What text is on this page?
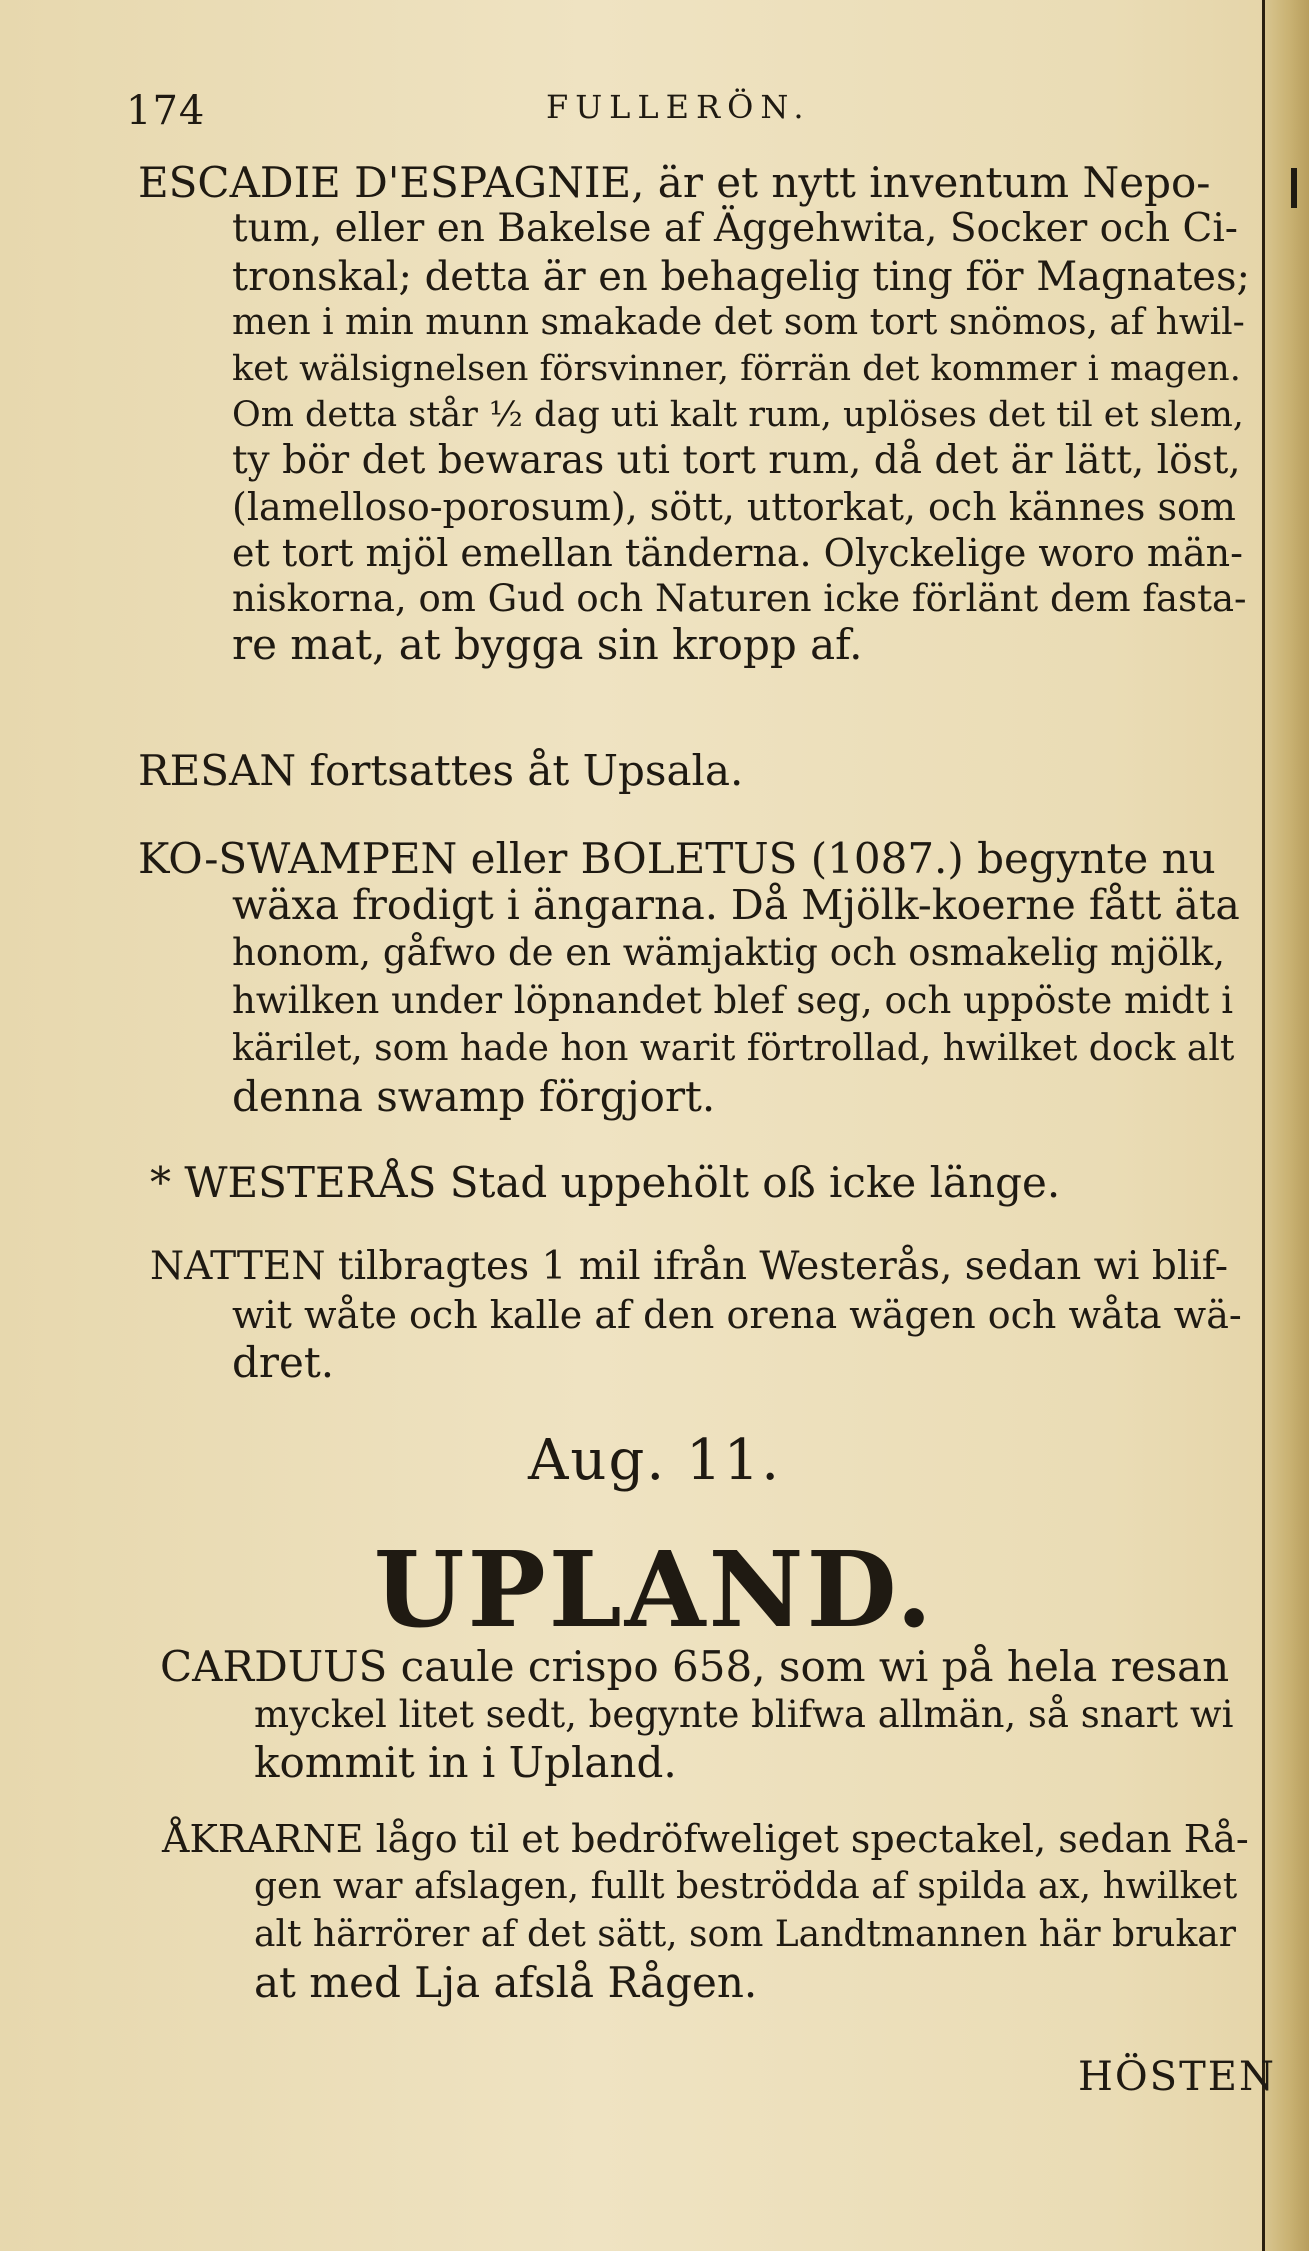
174	FULLERÖN.
ESCADIE D'ESPAGNIE, är et nytt inventum Nepo-
tum, eller en Bakelse af Äggehwita, Socker och Ci-
tronskal; detta är en behagelig ting för Magnates;
men i min munn smakade det som tort snömos, af hwil-
ket wälsignelsen försvinner, förrän det kommer i magen.
Om detta står ½ dag uti kalt rum, uplöses det til et slem,
ty bör det bewaras uti tort rum, då det är lätt, löst,
(lamelloso-porosum), sött, uttorkat, och kännes som
et tort mjöl emellan tänderna. Olyckelige woro män-
niskorna, om Gud och Naturen icke förlänt dem fasta-
re mat, at bygga sin kropp af.
RESAN fortsattes åt Upsala.
KO-SWAMPEN eller BOLETUS (1087.) begynte nu
wäxa frodigt i ängarna. Då Mjölk-koerne fått äta
honom, gåfwo de en wämjaktig och osmakelig mjölk,
hwilken under löpnandet blef seg, och uppöste midt i
kärilet, som hade hon warit förtrollad, hwilket dock alt
denna swamp förgjort.
* WESTERÅS Stad uppehölt oß icke länge.
NATTEN tilbragtes 1 mil ifrån Westerås, sedan wi blif-
wit wåte och kalle af den orena wägen och wåta wä-
dret.
Aug. 11.
UPLAND.
CARDUUS caule crispo 658, som wi på hela resan
myckel litet sedt, begynte blifwa allmän, så snart wi
kommit in i Upland.
ÅKRARNE lågo til et bedröfweliget spectakel, sedan Rå-
gen war afslagen, fullt beströdda af spilda ax, hwilket
alt härrörer af det sätt, som Landtmannen här brukar
at med Lja afslå Rågen.
HÖSTEN
